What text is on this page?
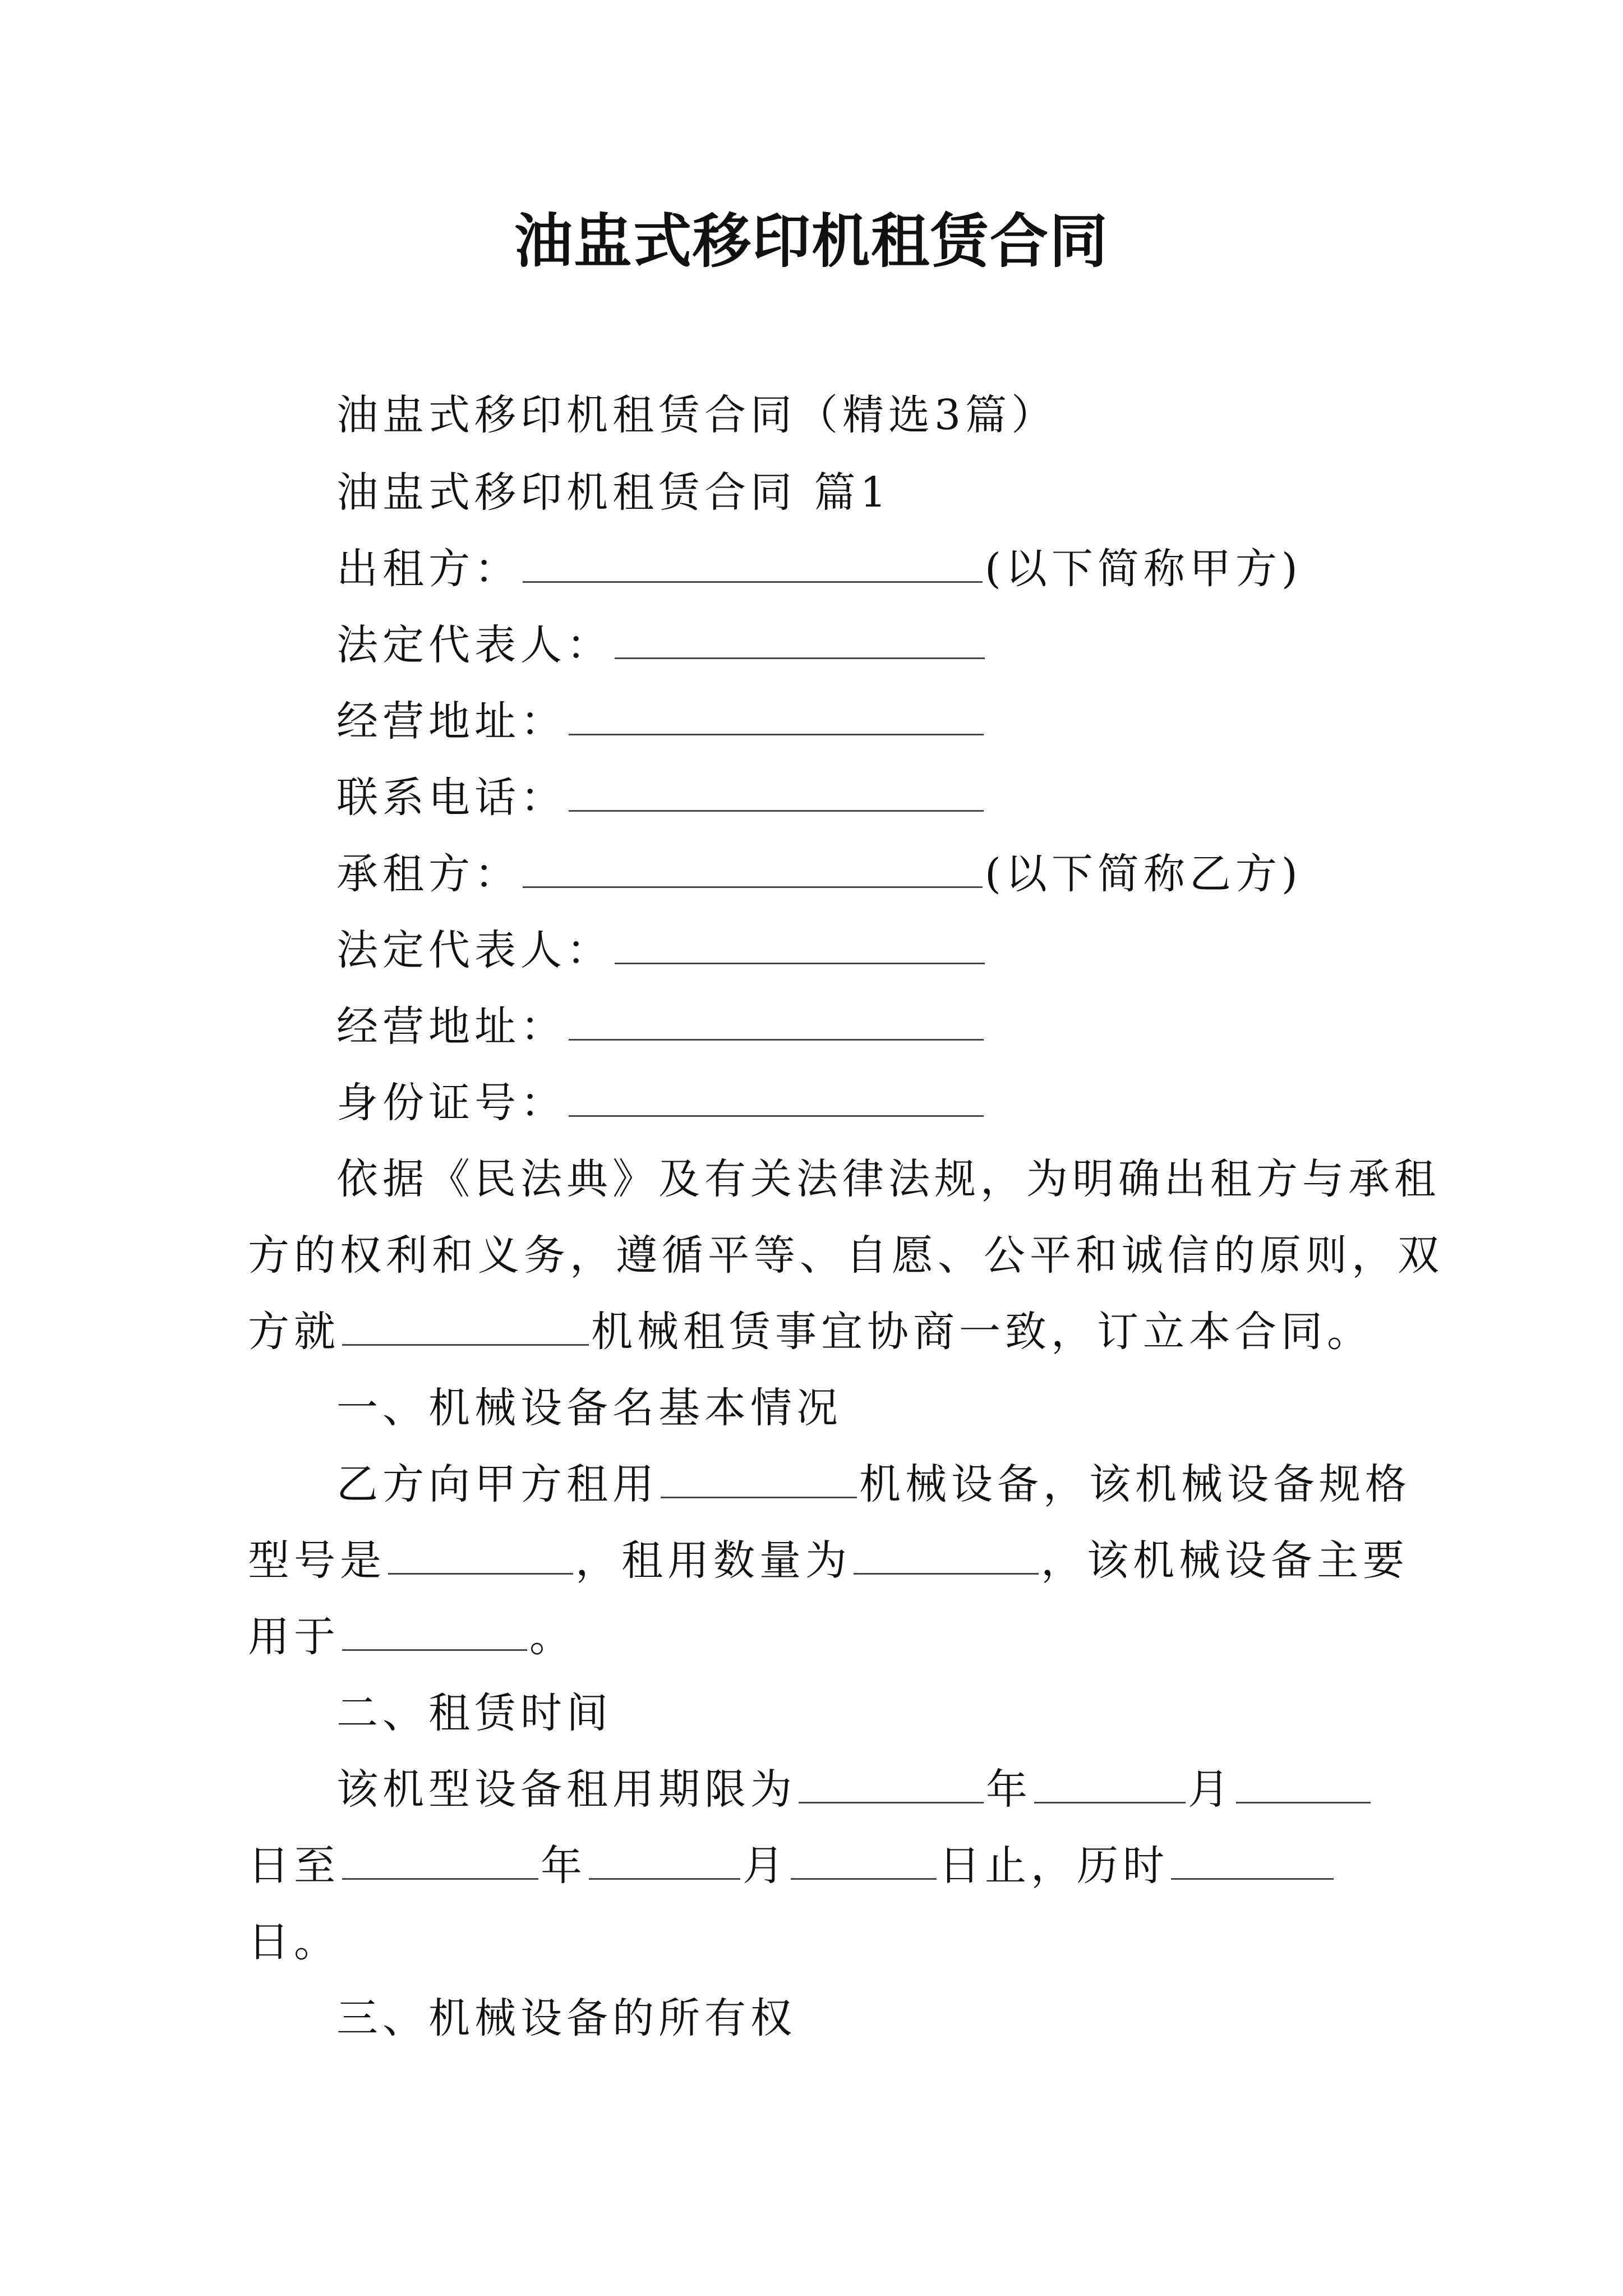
油盅式移印机租赁合同
油盅式移印机租赁合同（精选3篇）
油盅式移印机租赁合同 篇1
出租方：	(以下简称甲方)
法定代表人：
经营地址：
联系电话：
承租方：	(以下简称乙方)
法定代表人：
经营地址：
身份证号：
依据《民法典》及有关法律法规，为明确出租方与承租
方的权利和义务，遵循平等、自愿、公平和诚信的原则，双
方就	机械租赁事宜协商一致，订立本合同。
一、机械设备名基本情况
乙方向甲方租用	机械设备，该机械设备规格
型号是	，租用数量为	，该机械设备主要
用于	。
二、租赁时间
该机型设备租用期限为	年	月
日至	年	月	日止，历时
日。
三、机械设备的所有权
